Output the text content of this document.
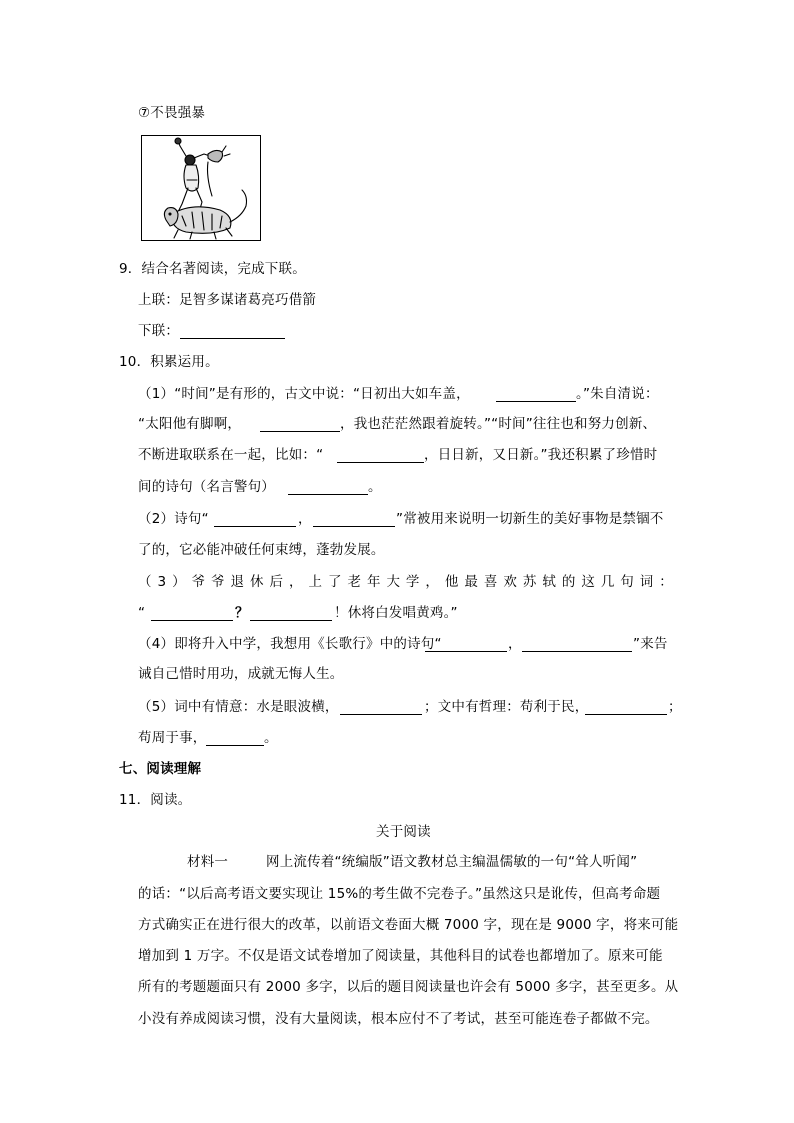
⑦不畏强暴
9．结合名著阅读，完成下联。
上联：足智多谋诸葛亮巧借箭
下联：
10．积累运用。
（1）“时间”是有形的，古文中说：“日初出大如车盖，	。”朱自清说：
“太阳他有脚啊，	，我也茫茫然跟着旋转。”“时间”往往也和努力创新、
不断进取联系在一起，比如：“	，日日新，又日新。”我还积累了珍惜时
间的诗句（名言警句）	。
（2）诗句“	，	”常被用来说明一切新生的美好事物是禁锢不
了的，它必能冲破任何束缚，蓬勃发展。
（3）爷爷退休后，上了老年大学，他最喜欢苏轼的这几句词：
“	？	！休将白发唱黄鸡。”
（4）即将升入中学，我想用《长歌行》中的诗句“	，	”来告
诫自己惜时用功，成就无悔人生。
（5）词中有情意：水是眼波横，	；文中有哲理：苟利于民，	；
苟周于事，	。
七、阅读理解
11．阅读。
关于阅读
材料一	网上流传着“统编版”语文教材总主编温儒敏的一句“耸人听闻”
的话：“以后高考语文要实现让 15%的考生做不完卷子。”虽然这只是讹传，但高考命题
方式确实正在进行很大的改革，以前语文卷面大概 7000 字，现在是 9000 字，将来可能
增加到 1 万字。不仅是语文试卷增加了阅读量，其他科目的试卷也都增加了。原来可能
所有的考题题面只有 2000 多字，以后的题目阅读量也许会有 5000 多字，甚至更多。从
小没有养成阅读习惯，没有大量阅读，根本应付不了考试，甚至可能连卷子都做不完。
